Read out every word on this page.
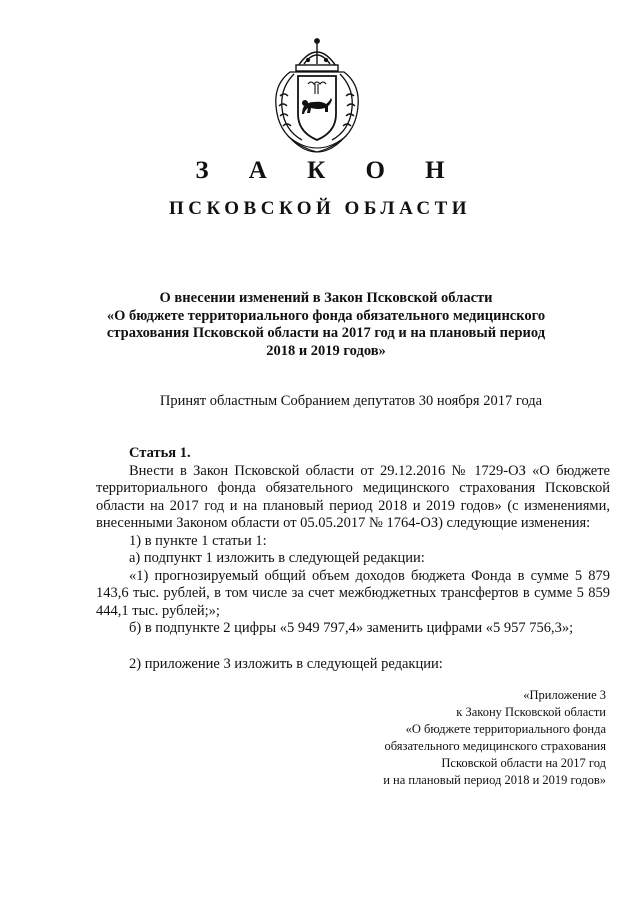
З А К О Н
ПСКОВСКОЙ ОБЛАСТИ
О внесении изменений в Закон Псковской области
«О бюджете территориального фонда обязательного медицинского
страхования Псковской области на 2017 год и на плановый период
2018 и 2019 годов»
Принят областным Собранием депутатов 30 ноября 2017 года

Статья 1.

Внести в Закон Псковской области от 29.12.2016 № 1729-ОЗ «О бюджете территориального фонда обязательного медицинского страхования Псковской области на 2017 год и на плановый период 2018 и 2019 годов» (с изменениями, внесенными Законом области от 05.05.2017 № 1764-ОЗ) следующие изменения:

1) в пункте 1 статьи 1:

а) подпункт 1 изложить в следующей редакции:

«1) прогнозируемый общий объем доходов бюджета Фонда в сумме 5 879 143,6 тыс. рублей, в том числе за счет межбюджетных трансфертов в сумме 5 859 444,1 тыс. рублей;»;

б) в подпункте 2 цифры «5 949 797,4» заменить цифрами «5 957 756,3»;

2) приложение 3 изложить в следующей редакции:

«Приложение 3
к Закону Псковской области
«О бюджете территориального фонда
обязательного медицинского страхования
Псковской области на 2017 год
и на плановый период 2018 и 2019 годов»
